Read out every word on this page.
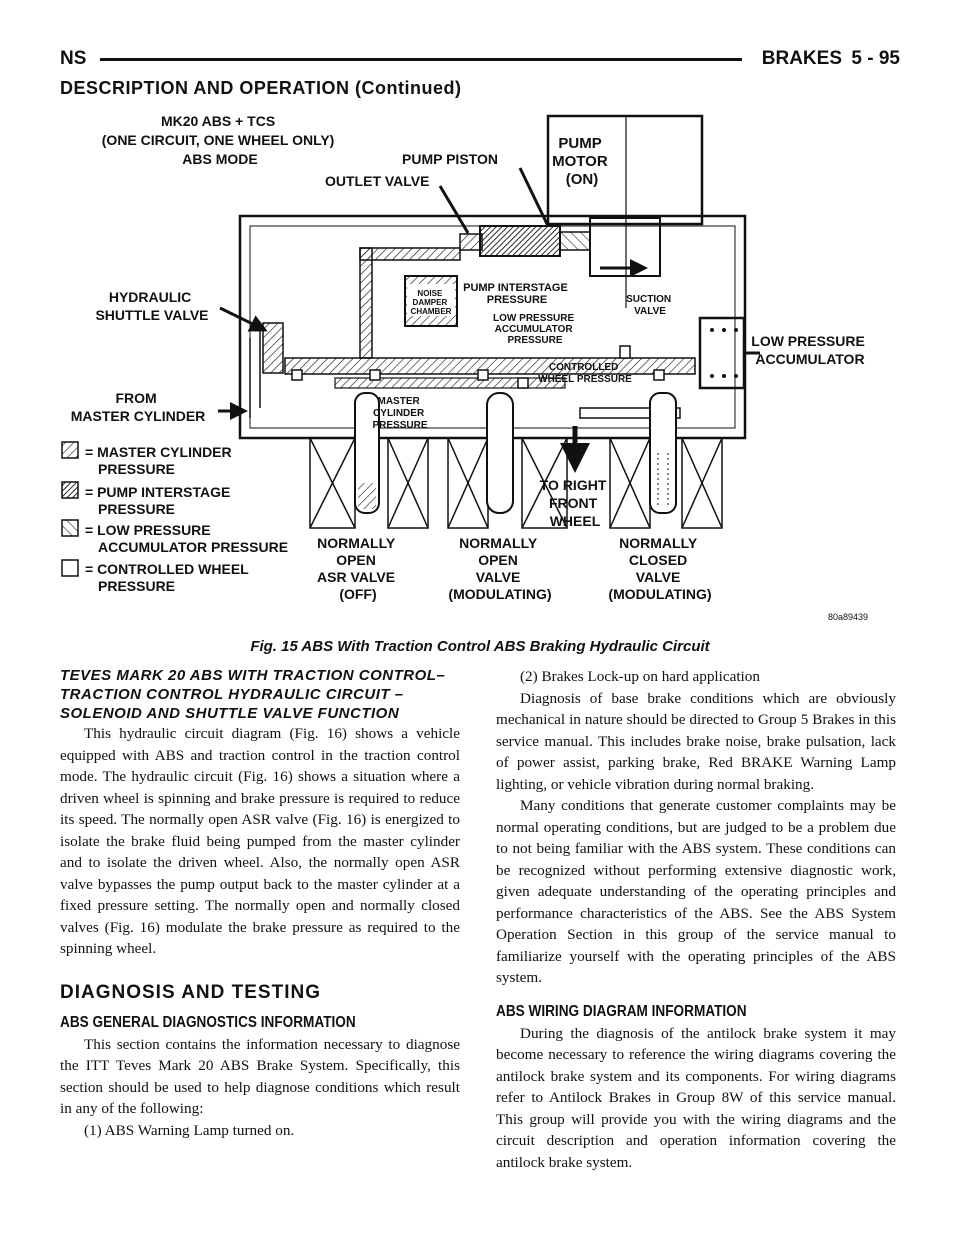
NS	BRAKES 5 - 95
DESCRIPTION AND OPERATION (Continued)
MK20 ABS + TCS (ONE CIRCUIT, ONE WHEEL ONLY) ABS MODE	PUMP PISTON
OUTLET VALVE
PUMP MOTOR (ON)
HYDRAULIC SHUTTLE VALVE
NOISE DAMPER CHAMBER
PUMP INTERSTAGE PRESSURE	SUCTION VALVE
LOW PRESSURE ACCUMULATOR PRESSURE	LOW PRESSURE ACCUMULATOR
CONTROLLED WHEEL PRESSURE
FROM MASTER CYLINDER
MASTER CYLINDER PRESSURE
= MASTER CYLINDER PRESSURE = PUMP INTERSTAGE PRESSURE = LOW PRESSURE ACCUMULATOR PRESSURE = CONTROLLED WHEEL PRESSURE
TO RIGHT FRONT WHEEL
NORMALLY OPEN ASR VALVE (OFF)
NORMALLY OPEN VALVE (MODULATING)
NORMALLY CLOSED VALVE (MODULATING)
80a89439
Fig. 15 ABS With Traction Control ABS Braking Hydraulic Circuit
TEVES MARK 20 ABS WITH TRACTION CONTROL– TRACTION CONTROL HYDRAULIC CIRCUIT – SOLENOID AND SHUTTLE VALVE FUNCTION

This hydraulic circuit diagram (Fig. 16) shows a vehicle equipped with ABS and traction control in the traction control mode. The hydraulic circuit (Fig. 16) shows a situation where a driven wheel is spinning and brake pressure is required to reduce its speed. The normally open ASR valve (Fig. 16) is energized to isolate the brake fluid being pumped from the master cylinder and to isolate the driven wheel. Also, the normally open ASR valve bypasses the pump output back to the master cylinder at a fixed pressure setting. The normally open and normally closed valves (Fig. 16) modulate the brake pressure as required to the spinning wheel.

DIAGNOSIS AND TESTING
ABS GENERAL DIAGNOSTICS INFORMATION

This section contains the information necessary to diagnose the ITT Teves Mark 20 ABS Brake System. Specifically, this section should be used to help diagnose conditions which result in any of the following:

(1) ABS Warning Lamp turned on.

(2) Brakes Lock-up on hard application

Diagnosis of base brake conditions which are obviously mechanical in nature should be directed to Group 5 Brakes in this service manual. This includes brake noise, brake pulsation, lack of power assist, parking brake, Red BRAKE Warning Lamp lighting, or vehicle vibration during normal braking.

Many conditions that generate customer complaints may be normal operating conditions, but are judged to be a problem due to not being familiar with the ABS system. These conditions can be recognized without performing extensive diagnostic work, given adequate understanding of the operating principles and performance characteristics of the ABS. See the ABS System Operation Section in this group of the service manual to familiarize yourself with the operating principles of the ABS system.

ABS WIRING DIAGRAM INFORMATION

During the diagnosis of the antilock brake system it may become necessary to reference the wiring diagrams covering the antilock brake system and its components. For wiring diagrams refer to Antilock Brakes in Group 8W of this service manual. This group will provide you with the wiring diagrams and the circuit description and operation information covering the antilock brake system.
